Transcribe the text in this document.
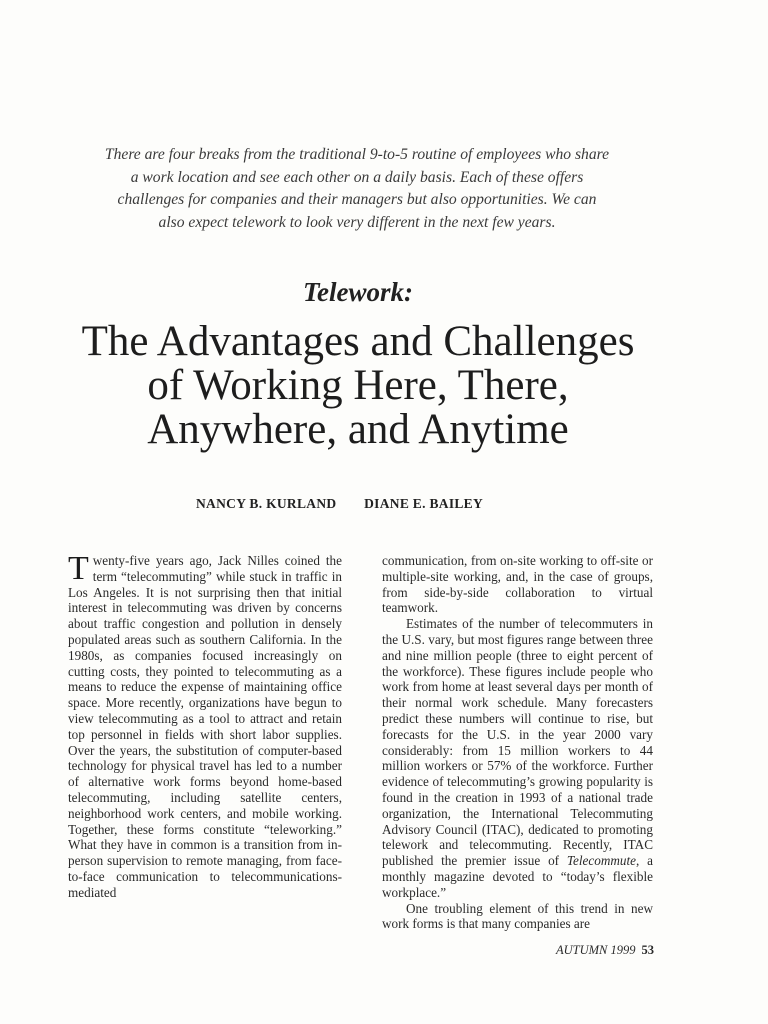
There are four breaks from the traditional 9-to-5 routine of employees who share
a work location and see each other on a daily basis. Each of these offers
challenges for companies and their managers but also opportunities. We can
also expect telework to look very different in the next few years.
Telework:
The Advantages and Challenges
of Working Here, There,
Anywhere, and Anytime
NANCY B. KURLAND DIANE E. BAILEY

Twenty-five years ago, Jack Nilles coined the term “telecommuting” while stuck in traffic in Los Angeles. It is not surprising then that initial interest in telecommuting was driven by concerns about traffic congestion and pollution in densely populated areas such as southern California. In the 1980s, as companies focused increasingly on cutting costs, they pointed to telecommuting as a means to reduce the expense of maintaining office space. More recently, organizations have begun to view telecommuting as a tool to attract and retain top personnel in fields with short labor supplies. Over the years, the substitution of computer-based technology for physical travel has led to a number of alternative work forms beyond home-based telecommuting, including satellite centers, neighborhood work centers, and mobile working. Together, these forms constitute “teleworking.” What they have in common is a transition from in-person supervision to remote managing, from face-to-face communication to telecommunications-mediated

communication, from on-site working to off-site or multiple-site working, and, in the case of groups, from side-by-side collaboration to virtual teamwork.

Estimates of the number of telecommuters in the U.S. vary, but most figures range between three and nine million people (three to eight percent of the workforce). These figures include people who work from home at least several days per month of their normal work schedule. Many forecasters predict these numbers will continue to rise, but forecasts for the U.S. in the year 2000 vary considerably: from 15 million workers to 44 million workers or 57% of the workforce. Further evidence of telecommuting’s growing popularity is found in the creation in 1993 of a national trade organization, the International Telecommuting Advisory Council (ITAC), dedicated to promoting telework and telecommuting. Recently, ITAC published the premier issue of Telecommute, a monthly magazine devoted to “today’s flexible workplace.”

One troubling element of this trend in new work forms is that many companies are

AUTUMN 1999 53
